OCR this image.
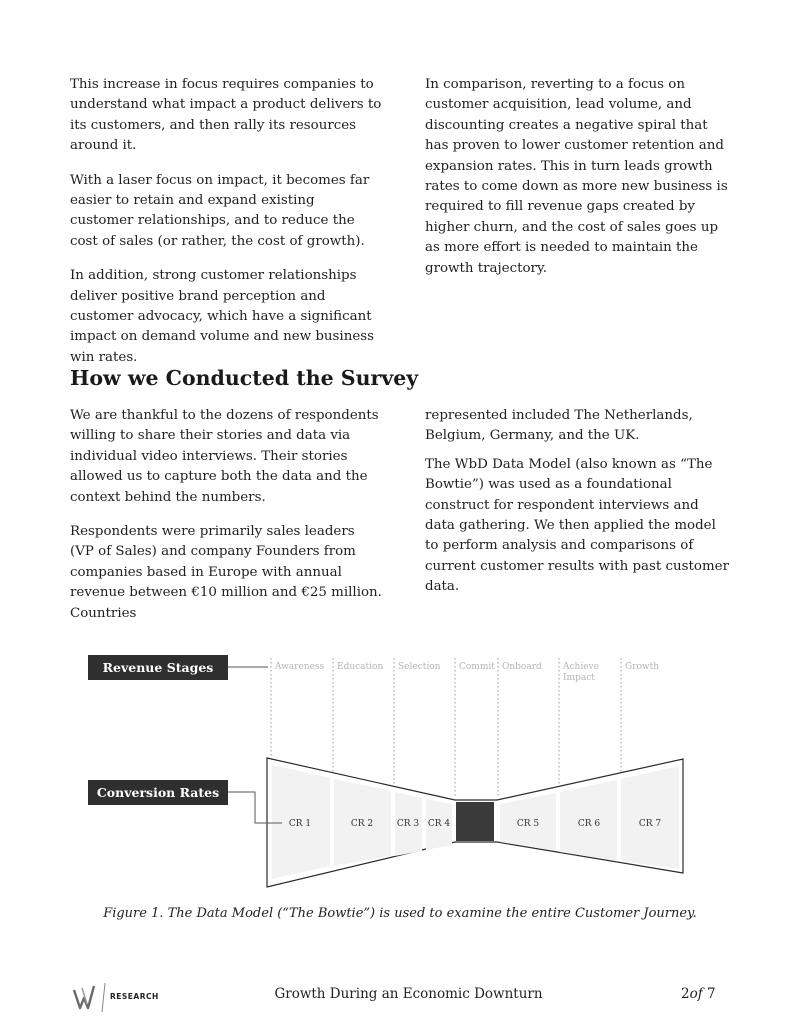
This increase in focus requires companies to understand what impact a product delivers to its customers, and then rally its resources around it.

With a laser focus on impact, it becomes far easier to retain and expand existing customer relationships, and to reduce the cost of sales (or rather, the cost of growth).

In addition, strong customer relationships deliver positive brand perception and customer advocacy, which have a significant impact on demand volume and new business win rates.

In comparison, reverting to a focus on customer acquisition, lead volume, and discounting creates a negative spiral that has proven to lower customer retention and expansion rates. This in turn leads growth rates to come down as more new business is required to fill revenue gaps created by higher churn, and the cost of sales goes up as more effort is needed to maintain the growth trajectory.

How we Conducted the Survey

We are thankful to the dozens of respondents willing to share their stories and data via individual video interviews. Their stories allowed us to capture both the data and the context behind the numbers.

Respondents were primarily sales leaders (VP of Sales) and company Founders from companies based in Europe with annual revenue between €10 million and €25 million. Countries

represented included The Netherlands, Belgium, Germany, and the UK.

The WbD Data Model (also known as “The Bowtie”) was used as a foundational construct for respondent interviews and data gathering. We then applied the model to perform analysis and comparisons of current customer results with past customer data.

Revenue Stages	Awareness Education Selection Commit Onboard Achieve
Impact
Growth
Conversion Rates
CR 1	CR 2	CR 3 CR 4	CR 5	CR 6	CR 7
Figure 1. The Data Model (“The Bowtie”) is used to examine the entire Customer Journey.
RESEARCH	Growth During an Economic Downturn	2of 7
